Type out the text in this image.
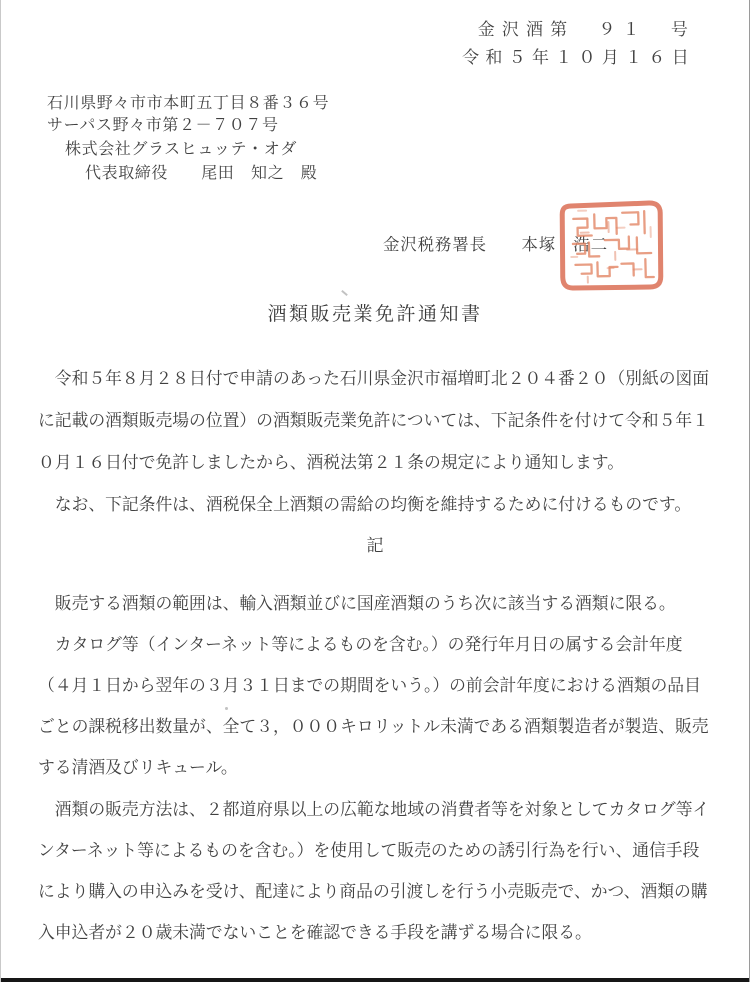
金沢酒第　９１　号
令和５年１０月１６日
石川県野々市市本町五丁目８番３６号
サーパス野々市第２－７０７号
株式会社グラスヒュッテ・オダ
代表取締役　　尾田　知之　殿
金沢税務署長　　本塚　浩二
酒類販売業免許通知書
　令和５年８月２８日付で申請のあった石川県金沢市福増町北２０４番２０（別紙の図面
に記載の酒類販売場の位置）の酒類販売業免許については、下記条件を付けて令和５年１
０月１６日付で免許しましたから、酒税法第２１条の規定により通知します。
　なお、下記条件は、酒税保全上酒類の需給の均衡を維持するために付けるものです。
記
　販売する酒類の範囲は、輸入酒類並びに国産酒類のうち次に該当する酒類に限る。
　カタログ等（インターネット等によるものを含む。）の発行年月日の属する会計年度
（４月１日から翌年の３月３１日までの期間をいう。）の前会計年度における酒類の品目
ごとの課税移出数量が、全て３，０００キロリットル未満である酒類製造者が製造、販売
する清酒及びリキュール。
　酒類の販売方法は、２都道府県以上の広範な地域の消費者等を対象としてカタログ等イ
ンターネット等によるものを含む。）を使用して販売のための誘引行為を行い、通信手段
により購入の申込みを受け、配達により商品の引渡しを行う小売販売で、かつ、酒類の購
入申込者が２０歳未満でないことを確認できる手段を講ずる場合に限る。
